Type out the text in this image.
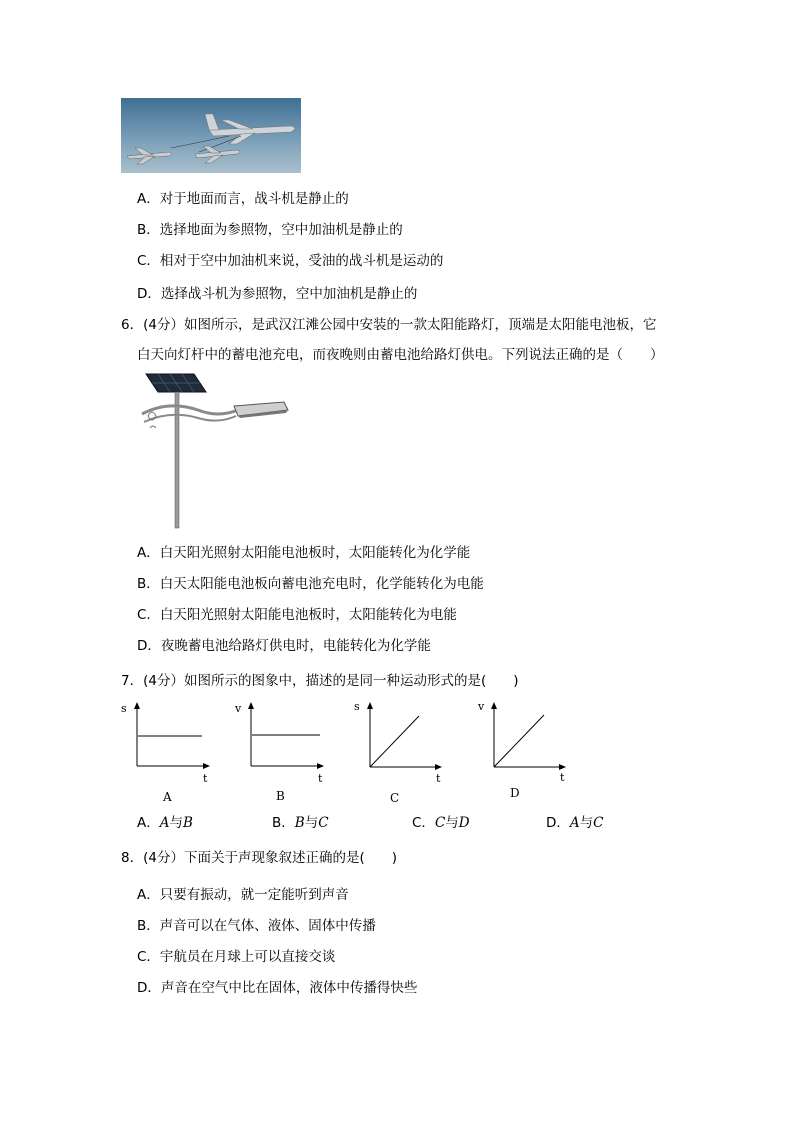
A．对于地面而言，战斗机是静止的
B．选择地面为参照物，空中加油机是静止的
C．相对于空中加油机来说，受油的战斗机是运动的
D．选择战斗机为参照物，空中加油机是静止的
6．(4分）如图所示，是武汉江滩公园中安装的一款太阳能路灯，顶端是太阳能电池板，它
白天向灯杆中的蓄电池充电，而夜晚则由蓄电池给路灯供电。下列说法正确的是（　　）
A．白天阳光照射太阳能电池板时，太阳能转化为化学能
B．白天太阳能电池板向蓄电池充电时，化学能转化为电能
C．白天阳光照射太阳能电池板时，太阳能转化为电能
D．夜晚蓄电池给路灯供电时，电能转化为化学能
7．(4分）如图所示的图象中，描述的是同一种运动形式的是(　　)
s
t
A
v
t
B
s
t
C
v
t
D
A．A与B	B．B与C	C．C与D	D．A与C
8．(4分）下面关于声现象叙述正确的是(　　)
A．只要有振动，就一定能听到声音
B．声音可以在气体、液体、固体中传播
C．宇航员在月球上可以直接交谈
D．声音在空气中比在固体，液体中传播得快些
